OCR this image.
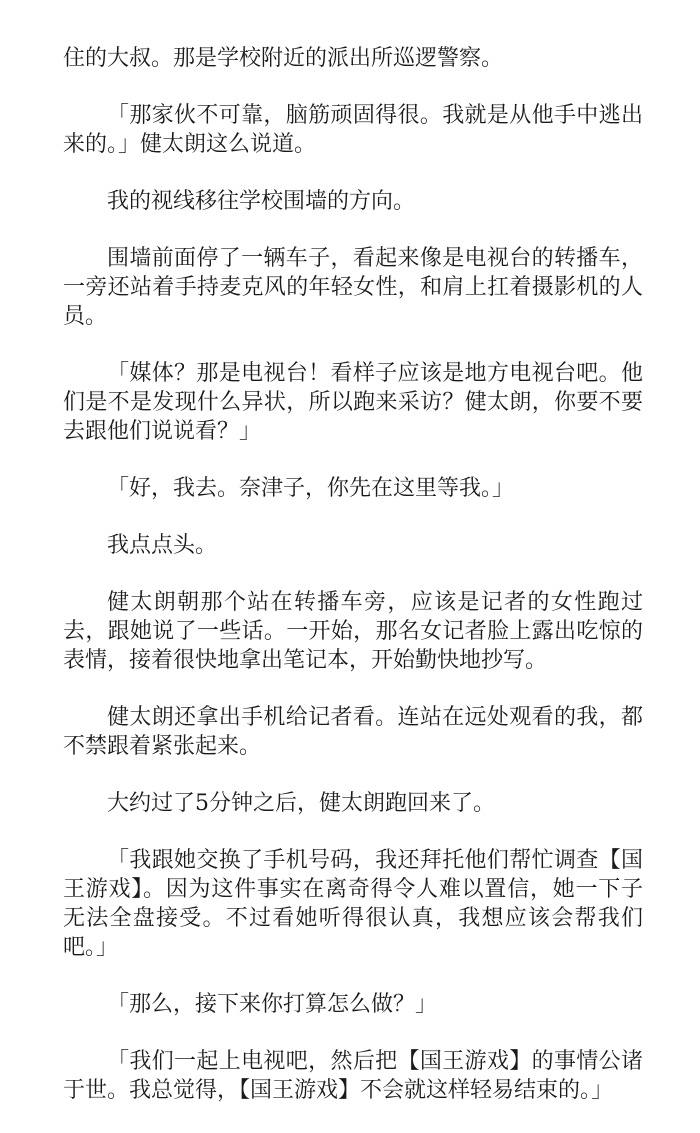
住的大叔。那是学校附近的派出所巡逻警察。

「那家伙不可靠，脑筋顽固得很。我就是从他手中逃出来的。」健太朗这么说道。

我的视线移往学校围墙的方向。

围墙前面停了一辆车子，看起来像是电视台的转播车，一旁还站着手持麦克风的年轻女性，和肩上扛着摄影机的人员。

「媒体？那是电视台！看样子应该是地方电视台吧。他们是不是发现什么异状，所以跑来采访？健太朗，你要不要去跟他们说说看？」

「好，我去。奈津子，你先在这里等我。」

我点点头。

健太朗朝那个站在转播车旁，应该是记者的女性跑过去，跟她说了一些话。一开始，那名女记者脸上露出吃惊的表情，接着很快地拿出笔记本，开始勤快地抄写。

健太朗还拿出手机给记者看。连站在远处观看的我，都不禁跟着紧张起来。

大约过了5分钟之后，健太朗跑回来了。

「我跟她交换了手机号码，我还拜托他们帮忙调查【国王游戏】。因为这件事实在离奇得令人难以置信，她一下子无法全盘接受。不过看她听得很认真，我想应该会帮我们吧。」

「那么，接下来你打算怎么做？」

「我们一起上电视吧，然后把【国王游戏】的事情公诸于世。我总觉得，【国王游戏】不会就这样轻易结束的。」
